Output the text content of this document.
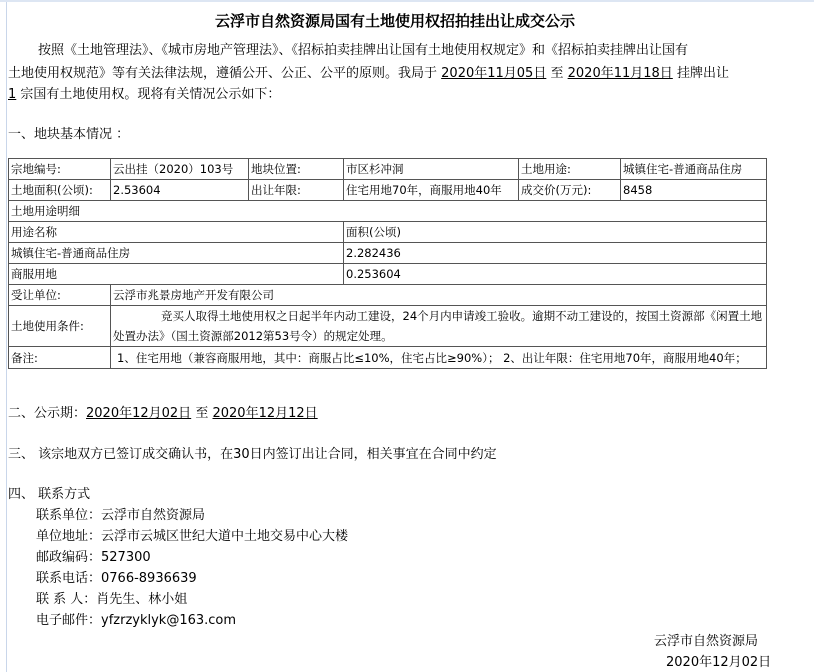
云浮市自然资源局国有土地使用权招拍挂出让成交公示
按照《土地管理法》、《城市房地产管理法》、《招标拍卖挂牌出让国有土地使用权规定》和《招标拍卖挂牌出让国有
土地使用权规范》等有关法律法规，遵循公开、公正、公平的原则。我局于 2020年11月05日 至 2020年11月18日 挂牌出让
1 宗国有土地使用权。现将有关情况公示如下：
一、地块基本情况 ：
宗地编号:	云出挂（2020）103号	地块位置:	市区杉冲洞	土地用途:	城镇住宅-普通商品住房
土地面积(公顷):	2.53604	出让年限:	住宅用地70年，商服用地40年	成交价(万元):	8458
土地用途明细					
用途名称			面积(公顷)		
城镇住宅-普通商品住房			2.282436		
商服用地			0.253604		
受让单位:	云浮市兆景房地产开发有限公司				
土地使用条件:	竞买人取得土地使用权之日起半年内动工建设，24个月内申请竣工验收。逾期不动工建设的，按国土资源部《闲置土地处置办法》（国土资源部2012第53号令）的规定处理。				
备注:	1、住宅用地（兼容商服用地，其中：商服占比≤10%，住宅占比≥90%）； 2、出让年限：住宅用地70年，商服用地40年；				
二、公示期：2020年12月02日 至 2020年12月12日
三、 该宗地双方已签订成交确认书，在30日内签订出让合同，相关事宜在合同中约定
四、 联系方式
联系单位：云浮市自然资源局
单位地址：云浮市云城区世纪大道中土地交易中心大楼
邮政编码：527300
联系电话：0766-8936639
联 系 人：肖先生、林小姐
电子邮件：yfzrzyklyk@163.com
云浮市自然资源局
2020年12月02日
